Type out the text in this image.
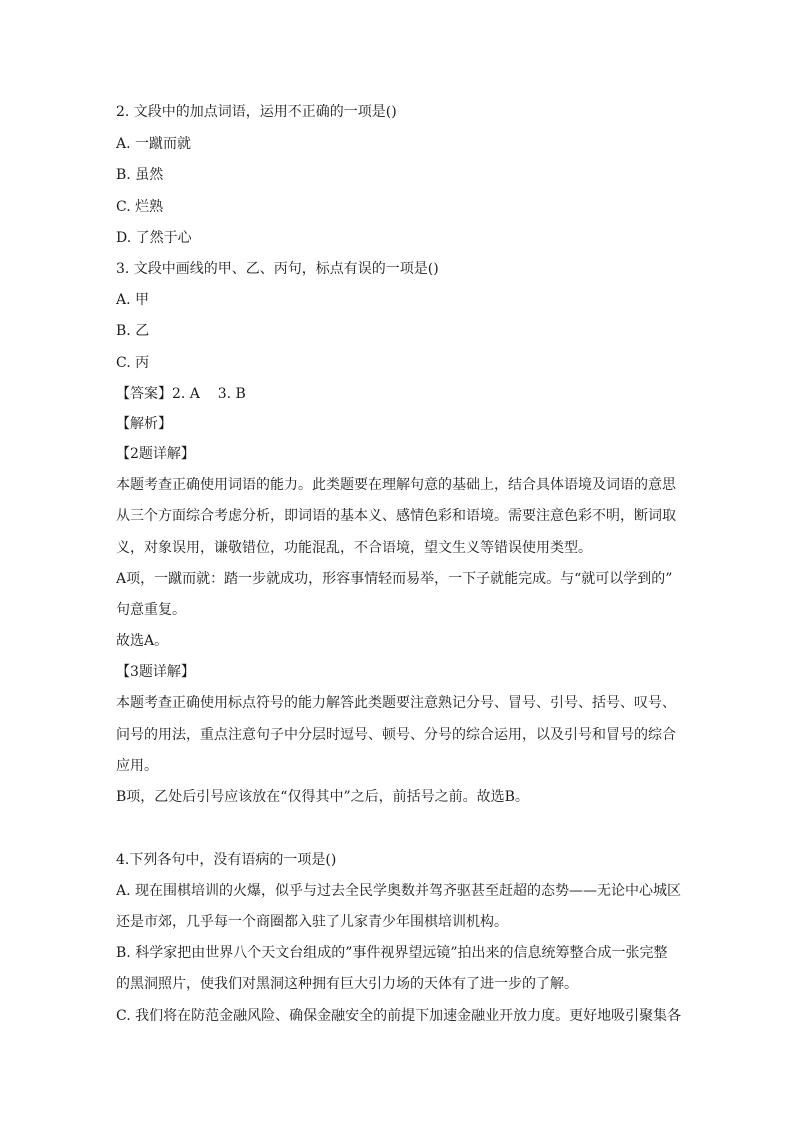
2. 文段中的加点词语，运用不正确的一项是()
A. 一蹴而就
B. 虽然
C. 烂熟
D. 了然于心
3. 文段中画线的甲、乙、丙句，标点有误的一项是()
A. 甲
B. 乙
C. 丙
【答案】2. A    3. B
【解析】
【2题详解】
本题考查正确使用词语的能力。此类题要在理解句意的基础上，结合具体语境及词语的意思
从三个方面综合考虑分析，即词语的基本义、感情色彩和语境。需要注意色彩不明，断词取
义，对象误用，谦敬错位，功能混乱，不合语境，望文生义等错误使用类型。
A项，一蹴而就：踏一步就成功，形容事情轻而易举，一下子就能完成。与“就可以学到的”
句意重复。
故选A。
【3题详解】
本题考查正确使用标点符号的能力解答此类题要注意熟记分号、冒号、引号、括号、叹号、
问号的用法，重点注意句子中分层时逗号、顿号、分号的综合运用，以及引号和冒号的综合
应用。
B项，乙处后引号应该放在“仅得其中”之后，前括号之前。故选B。
4.下列各句中，没有语病的一项是()
A. 现在围棋培训的火爆，似乎与过去全民学奥数并驾齐驱甚至赶超的态势——无论中心城区
还是市郊，几乎每一个商圈都入驻了儿家青少年围棋培训机构。
B. 科学家把由世界八个天文台组成的”事件视界望远镜”拍出来的信息统筹整合成一张完整
的黑洞照片，使我们对黑洞这种拥有巨大引力场的天体有了进一步的了解。
C. 我们将在防范金融风险、确保金融安全的前提下加速金融业开放力度。更好地吸引聚集各
